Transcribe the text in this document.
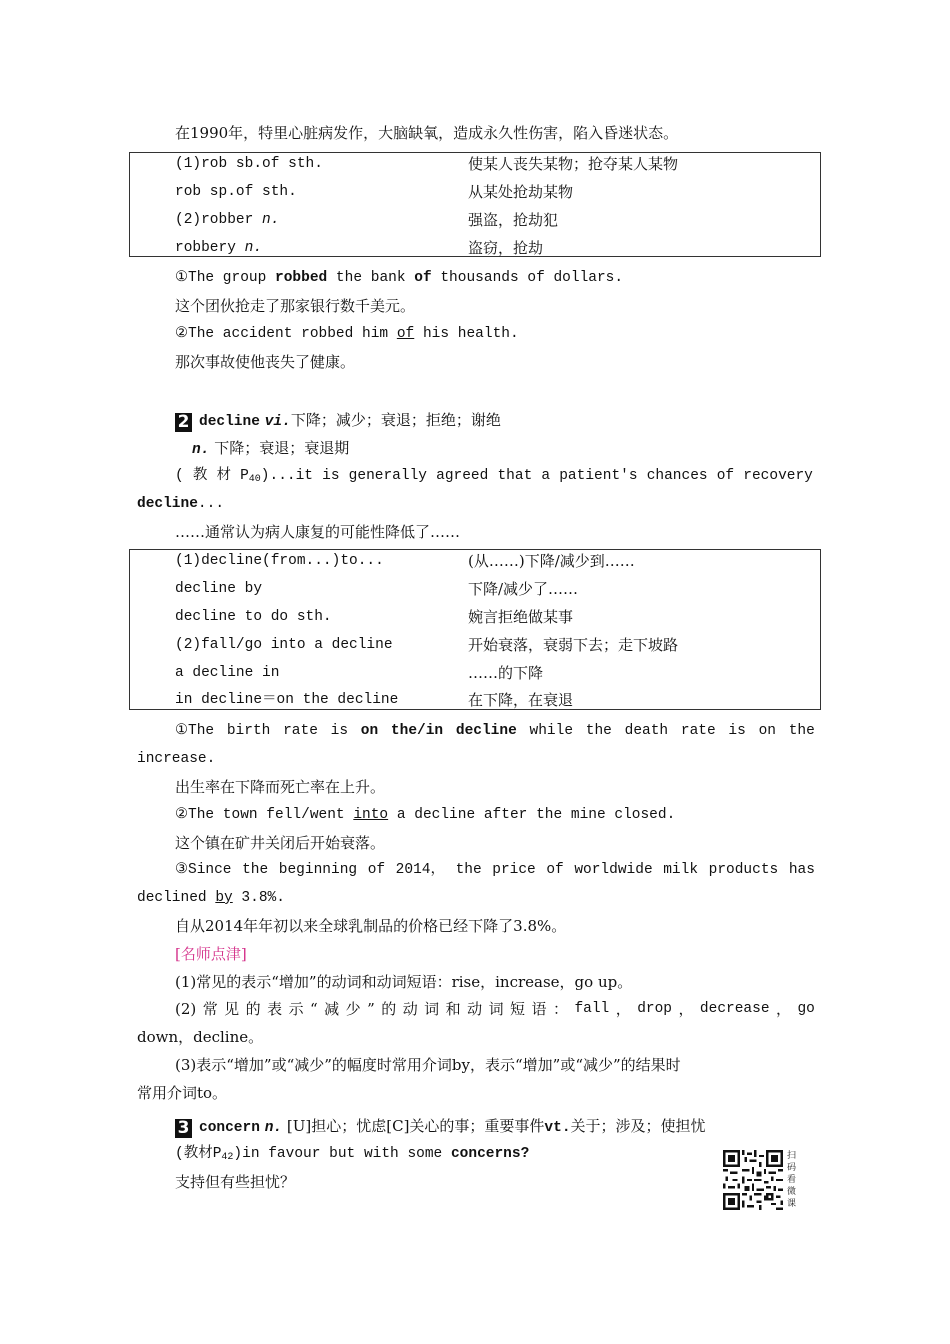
在1990年，特里心脏病发作，大脑缺氧，造成永久性伤害，陷入昏迷状态。
(1)rob sb.of sth.	使某人丧失某物；抢夺某人某物
rob sp.of sth.	从某处抢劫某物
(2)robber n.	强盗，抢劫犯
robbery n.	盗窃，抢劫
①The group robbed the bank of thousands of dollars.
这个团伙抢走了那家银行数千美元。
②The accident robbed him of his health.
那次事故使他丧失了健康。
2 decline vi.下降；减少；衰退；拒绝；谢绝
n. 下降；衰退；衰退期
( 教 材 $P_{40})...it$ is generally agreed that a patient's chances of recovery
decline...
……通常认为病人康复的可能性降低了……
(1)decline(from...)to...	(从……)下降/减少到……
decline by	下降/减少了……
decline to do sth.	婉言拒绝做某事
(2)fall/go into a decline	开始衰落，衰弱下去；走下坡路
a decline in	……的下降
in decline＝on the decline	在下降，在衰退
①The birth rate is on the/in decline while the death rate is on the
increase.
出生率在下降而死亡率在上升。
②The town fell/went into a decline after the mine closed.
这个镇在矿井关闭后开始衰落。
③Since the beginning of 2014， the price of worldwide milk products has
declined by 3.8%.
自从2014年年初以来全球乳制品的价格已经下降了3.8%。
[名师点津]
(1)常见的表示“增加”的动词和动词短语：rise，increase，go up。
(2) 常 见 的 表 示 “ 减 少 ” 的 动 词 和 动 词 短 语 ： fall ， drop ， decrease ， go
down，decline。
(3)表示“增加”或“减少”的幅度时常用介词by，表示“增加”或“减少”的结果时
常用介词to。
3 concern n. [U]担心；忧虑[C]关心的事；重要事件vt.关于；涉及；使担忧
(教材$P_{42})in$ favour but with some concerns?
支持但有些担忧？
扫码看微课
